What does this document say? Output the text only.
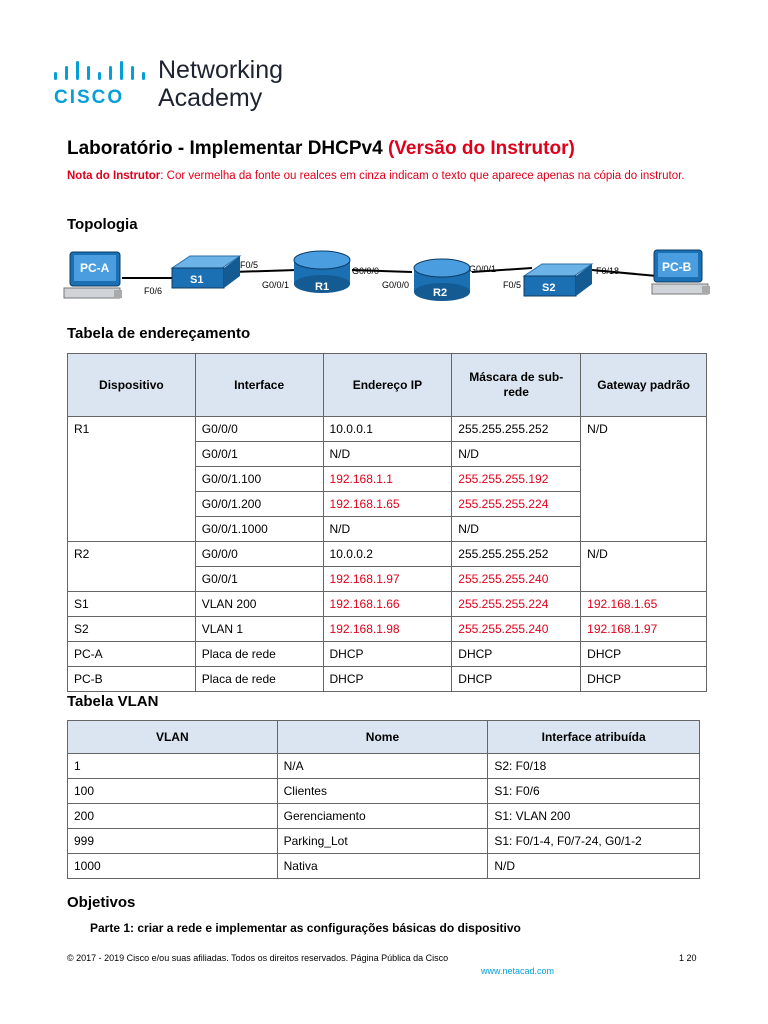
CISCO
Networking
Academy
Laboratório - Implementar DHCPv4 (Versão do Instrutor)
Nota do Instrutor: Cor vermelha da fonte ou realces em cinza indicam o texto que aparece apenas na cópia do instrutor.
Topologia
PC-A
F0/6
S1
F0/5
G0/0/1 R1
G0/0/0
R2
G0/0/0
G0/0/1
S2
F0/5
F0/18	PC-B
Tabela de endereçamento
Dispositivo	Interface	Endereço IP	Máscara de sub-rede	Gateway padrão
R1	G0/0/0	10.0.0.1	255.255.255.252	N/D
	G0/0/1	N/D	N/D	
	G0/0/1.100	192.168.1.1	255.255.255.192	
	G0/0/1.200	192.168.1.65	255.255.255.224	
	G0/0/1.1000	N/D	N/D	
R2	G0/0/0	10.0.0.2	255.255.255.252	N/D
	G0/0/1	192.168.1.97	255.255.255.240	
S1	VLAN 200	192.168.1.66	255.255.255.224	192.168.1.65
S2	VLAN 1	192.168.1.98	255.255.255.240	192.168.1.97
PC-A	Placa de rede	DHCP	DHCP	DHCP
PC-B	Placa de rede	DHCP	DHCP	DHCP
Tabela VLAN
VLAN	Nome	Interface atribuída
1	N/A	S2: F0/18
100	Clientes	S1: F0/6
200	Gerenciamento	S1: VLAN 200
999	Parking_Lot	S1: F0/1-4, F0/7-24, G0/1-2
1000	Nativa	N/D
Objetivos
Parte 1: criar a rede e implementar as configurações básicas do dispositivo
© 2017 - 2019 Cisco e/ou suas afiliadas. Todos os direitos reservados. Página Pública da Cisco	1 20
www.netacad.com
